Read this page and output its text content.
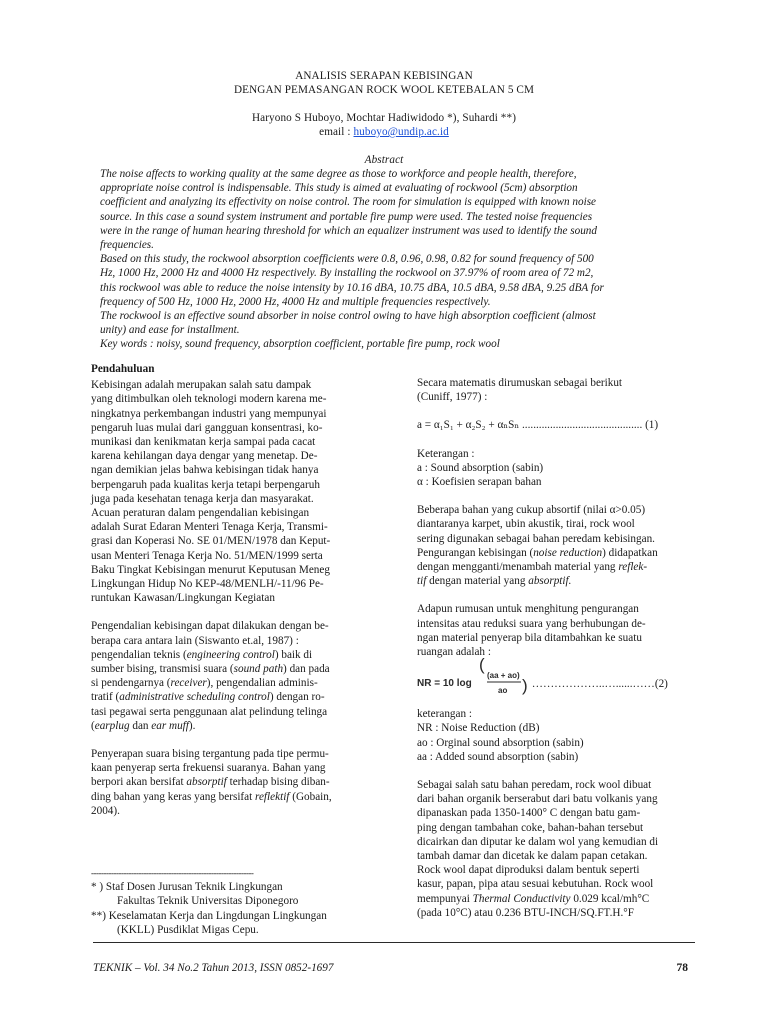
ANALISIS SERAPAN KEBISINGAN
DENGAN PEMASANGAN ROCK WOOL KETEBALAN 5 CM
Haryono S Huboyo, Mochtar Hadiwidodo *), Suhardi **)
email : huboyo@undip.ac.id
Abstract
The noise affects to working quality at the same degree as those to workforce and people health, therefore,
appropriate noise control is indispensable. This study is aimed at evaluating of rockwool (5cm) absorption
coefficient and analyzing its effectivity on noise control. The room for simulation is equipped with known noise
source. In this case a sound system instrument and portable fire pump were used. The tested noise frequencies
were in the range of human hearing threshold for which an equalizer instrument was used to identify the sound
frequencies.
Based on this study, the rockwool absorption coefficients were 0.8, 0.96, 0.98, 0.82 for sound frequency of 500
Hz, 1000 Hz, 2000 Hz and 4000 Hz respectively. By installing the rockwool on 37.97% of room area of 72 m2,
this rockwool was able to reduce the noise intensity by 10.16 dBA, 10.75 dBA, 10.5 dBA, 9.58 dBA, 9.25 dBA for
frequency of 500 Hz, 1000 Hz, 2000 Hz, 4000 Hz and multiple frequencies respectively.
The rockwool is an effective sound absorber in noise control owing to have high absorption coefficient (almost
unity) and ease for installment.
Key words : noisy, sound frequency, absorption coefficient, portable fire pump, rock wool

Pendahuluan

Kebisingan adalah merupakan salah satu dampak
yang ditimbulkan oleh teknologi modern karena me-
ningkatnya perkembangan industri yang mempunyai
pengaruh luas mulai dari gangguan konsentrasi, ko-
munikasi dan kenikmatan kerja sampai pada cacat
karena kehilangan daya dengar yang menetap. De-
ngan demikian jelas bahwa kebisingan tidak hanya
berpengaruh pada kualitas kerja tetapi berpengaruh
juga pada kesehatan tenaga kerja dan masyarakat.
Acuan peraturan dalam pengendalian kebisingan
adalah Surat Edaran Menteri Tenaga Kerja, Transmi-
grasi dan Koperasi No. SE 01/MEN/1978 dan Keput-
usan Menteri Tenaga Kerja No. 51/MEN/1999 serta
Baku Tingkat Kebisingan menurut Keputusan Meneg
Lingkungan Hidup No KEP-48/MENLH/-11/96 Pe-
runtukan Kawasan/Lingkungan Kegiatan
Pengendalian kebisingan dapat dilakukan dengan be-
berapa cara antara lain (Siswanto et.al, 1987) :
pengendalian teknis (engineering control) baik di
sumber bising, transmisi suara (sound path) dan pada
si pendengarnya (receiver), pengendalian adminis-
tratif (administrative scheduling control) dengan ro-
tasi pegawai serta penggunaan alat pelindung telinga
(earplug dan ear muff).
Penyerapan suara bising tergantung pada tipe permu-
kaan penyerap serta frekuensi suaranya. Bahan yang
berpori akan bersifat absorptif terhadap bising diban-
ding bahan yang keras yang bersifat reflektif (Gobain,
2004).
-----------------------------------------------------------------
* ) Staf Dosen Jurusan Teknik Lingkungan
Fakultas Teknik Universitas Diponegoro
**) Keselamatan Kerja dan Lingdungan Lingkungan
(KKLL) Pusdiklat Migas Cepu.
Secara matematis dirumuskan sebagai berikut
(Cuniff, 1977) :
a = α₁S₁ + α₂S₂ + αₙSₙ ........................................... (1)
Keterangan :
a : Sound absorption (sabin)
α : Koefisien serapan bahan
Beberapa bahan yang cukup absortif (nilai α>0.05)
diantaranya karpet, ubin akustik, tirai, rock wool
sering digunakan sebagai bahan peredam kebisingan.
Pengurangan kebisingan (noise reduction) didapatkan
dengan mengganti/menambah material yang reflek-
tif dengan material yang absorptif.
Adapun rumusan untuk menghitung pengurangan
intensitas atau reduksi suara yang berhubungan de-
ngan material penyerap bila ditambahkan ke suatu
ruangan adalah :
NR = 10 log
(
(aa + ao)
ao ) ………………..…......……(2)
keterangan :
NR : Noise Reduction (dB)
ao : Orginal sound absorption (sabin)
aa : Added sound absorption (sabin)
Sebagai salah satu bahan peredam, rock wool dibuat
dari bahan organik berserabut dari batu volkanis yang
dipanaskan pada 1350-1400° C dengan batu gam-
ping dengan tambahan coke, bahan-bahan tersebut
dicairkan dan diputar ke dalam wol yang kemudian di
tambah damar dan dicetak ke dalam papan cetakan.
Rock wool dapat diproduksi dalam bentuk seperti
kasur, papan, pipa atau sesuai kebutuhan. Rock wool
mempunyai Thermal Conductivity 0.029 kcal/mh°C
(pada 10°C) atau 0.236 BTU-INCH/SQ.FT.H.°F
TEKNIK – Vol. 34 No.2 Tahun 2013, ISSN 0852-1697	78
